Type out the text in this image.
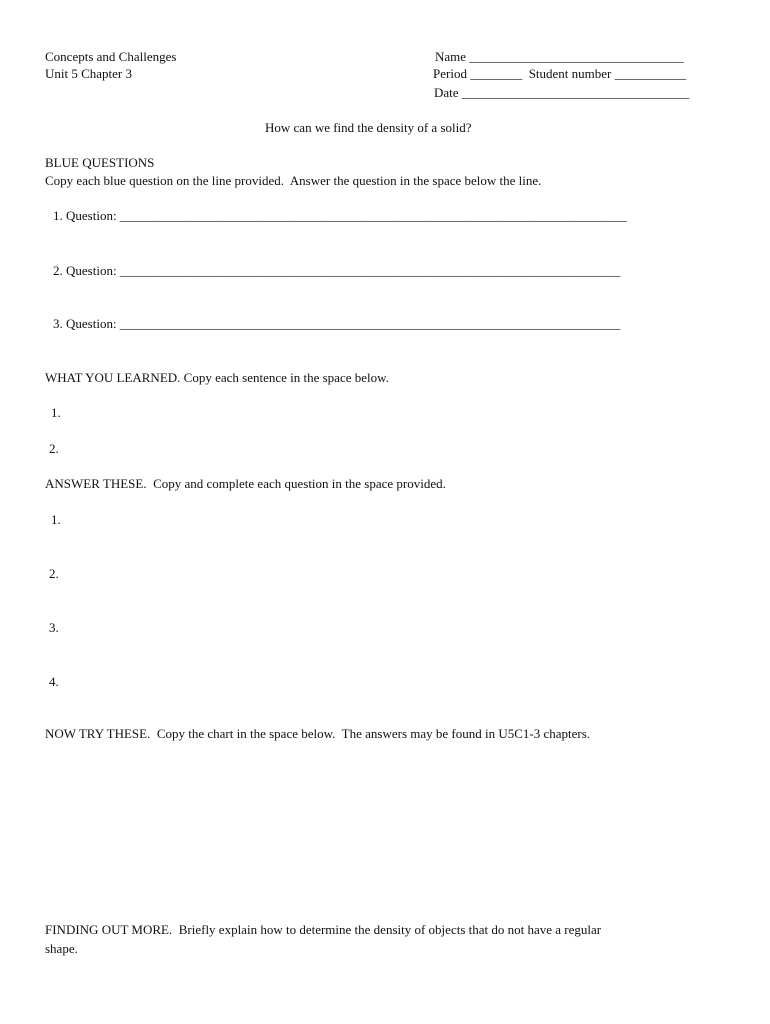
Concepts and Challenges
Unit 5 Chapter 3
Name _________________________________
Period ________  Student number ___________
Date ___________________________________
How can we find the density of a solid?
BLUE QUESTIONS
Copy each blue question on the line provided.  Answer the question in the space below the line.
1. Question: ______________________________________________________________________________
2. Question: _____________________________________________________________________________
3. Question: _____________________________________________________________________________
WHAT YOU LEARNED. Copy each sentence in the space below.
1.
2.
ANSWER THESE.  Copy and complete each question in the space provided.
1.
2.
3.
4.
NOW TRY THESE.  Copy the chart in the space below.  The answers may be found in U5C1-3 chapters.
FINDING OUT MORE.  Briefly explain how to determine the density of objects that do not have a regular
shape.
